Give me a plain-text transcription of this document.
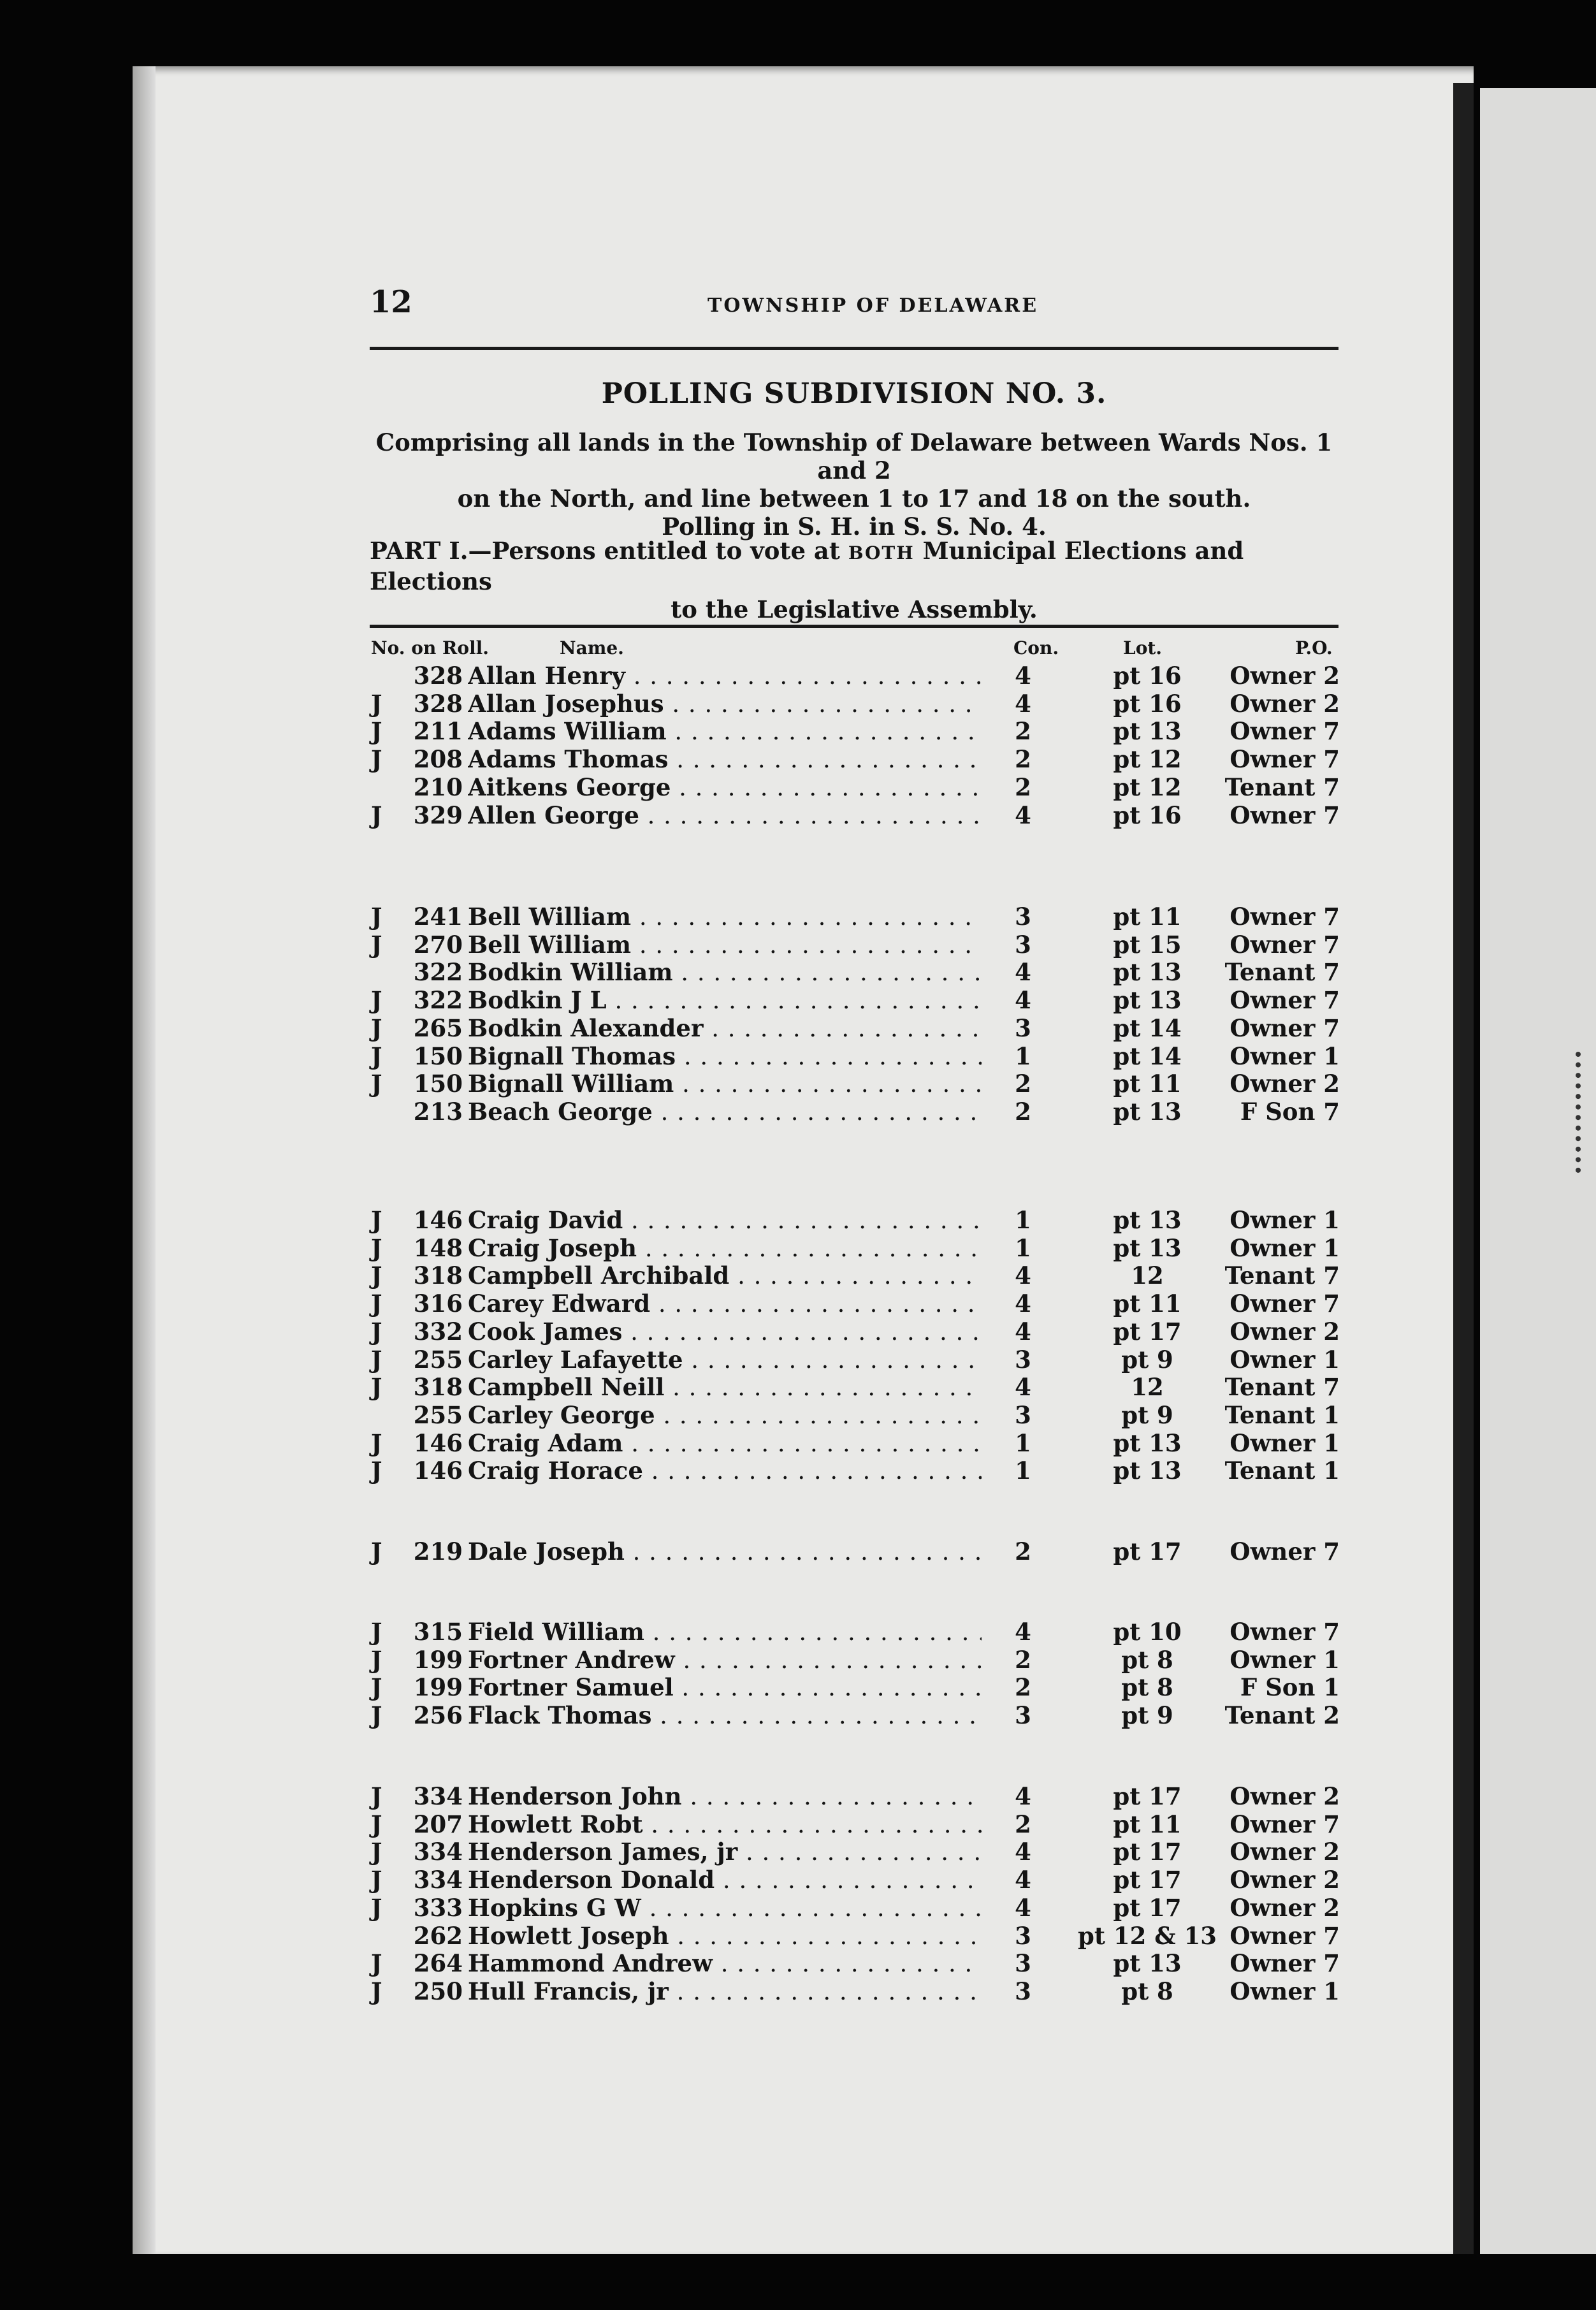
12	TOWNSHIP OF DELAWARE
POLLING SUBDIVISION NO. 3.
Comprising all lands in the Township of Delaware between Wards Nos. 1 and 2
on the North, and line between 1 to 17 and 18 on the south.
Polling in S. H. in S. S. No. 4.
PART I.—Persons entitled to vote at BOTH Municipal Elections and Elections
to the Legislative Assembly.
No. on Roll.	Name.	Con.	Lot.	P.O.
328 Allan Henry . . .	4	pt 16	Owner 2
J 328 Allan Josephus . . .	4	pt 16	Owner 2
J 211 Adams William . . .	2	pt 13	Owner 7
J 208 Adams Thomas . . .	2	pt 12	Owner 7
210 Aitkens George . . .	2	pt 12	Tenant 7
J 329 Allen George . . .	4	pt 16	Owner 7
J 241 Bell William . . .	3	pt 11	Owner 7
J 270 Bell William . . .	3	pt 15	Owner 7
322 Bodkin William . . .	4	pt 13	Tenant 7
J 322 Bodkin J L . . .	4	pt 13	Owner 7
J 265 Bodkin Alexander . . .	3	pt 14	Owner 7
J 150 Bignall Thomas . . .	1	pt 14	Owner 1
J 150 Bignall William . . .	2	pt 11	Owner 2
213 Beach George . . .	2	pt 13	F Son 7
J 146 Craig David . . .	1	pt 13	Owner 1
J 148 Craig Joseph . . .	1	pt 13	Owner 1
J 318 Campbell Archibald . . .	4	12	Tenant 7
J 316 Carey Edward . . .	4	pt 11	Owner 7
J 332 Cook James . . .	4	pt 17	Owner 2
J 255 Carley Lafayette . . .	3	pt 9	Owner 1
J 318 Campbell Neill . . .	4	12	Tenant 7
255 Carley George . . .	3	pt 9	Tenant 1
J 146 Craig Adam . . .	1	pt 13	Owner 1
J 146 Craig Horace . . .	1	pt 13	Tenant 1
J 219 Dale Joseph . . .	2	pt 17	Owner 7
J 315 Field William . . .	4	pt 10	Owner 7
J 199 Fortner Andrew . . .	2	pt 8	Owner 1
J 199 Fortner Samuel . . .	2	pt 8	F Son 1
J 256 Flack Thomas . . .	3	pt 9	Tenant 2
J 334 Henderson John . . .	4	pt 17	Owner 2
J 207 Howlett Robt . . .	2	pt 11	Owner 7
J 334 Henderson James, jr . . .	4	pt 17	Owner 2
J 334 Henderson Donald . . .	4	pt 17	Owner 2
J 333 Hopkins G W . . .	4	pt 17	Owner 2
262 Howlett Joseph . . .	3	pt 12 & 13 Owner 7
J 264 Hammond Andrew . . .	3	pt 13	Owner 7
J 250 Hull Francis, jr . . .	3	pt 8	Owner 1
